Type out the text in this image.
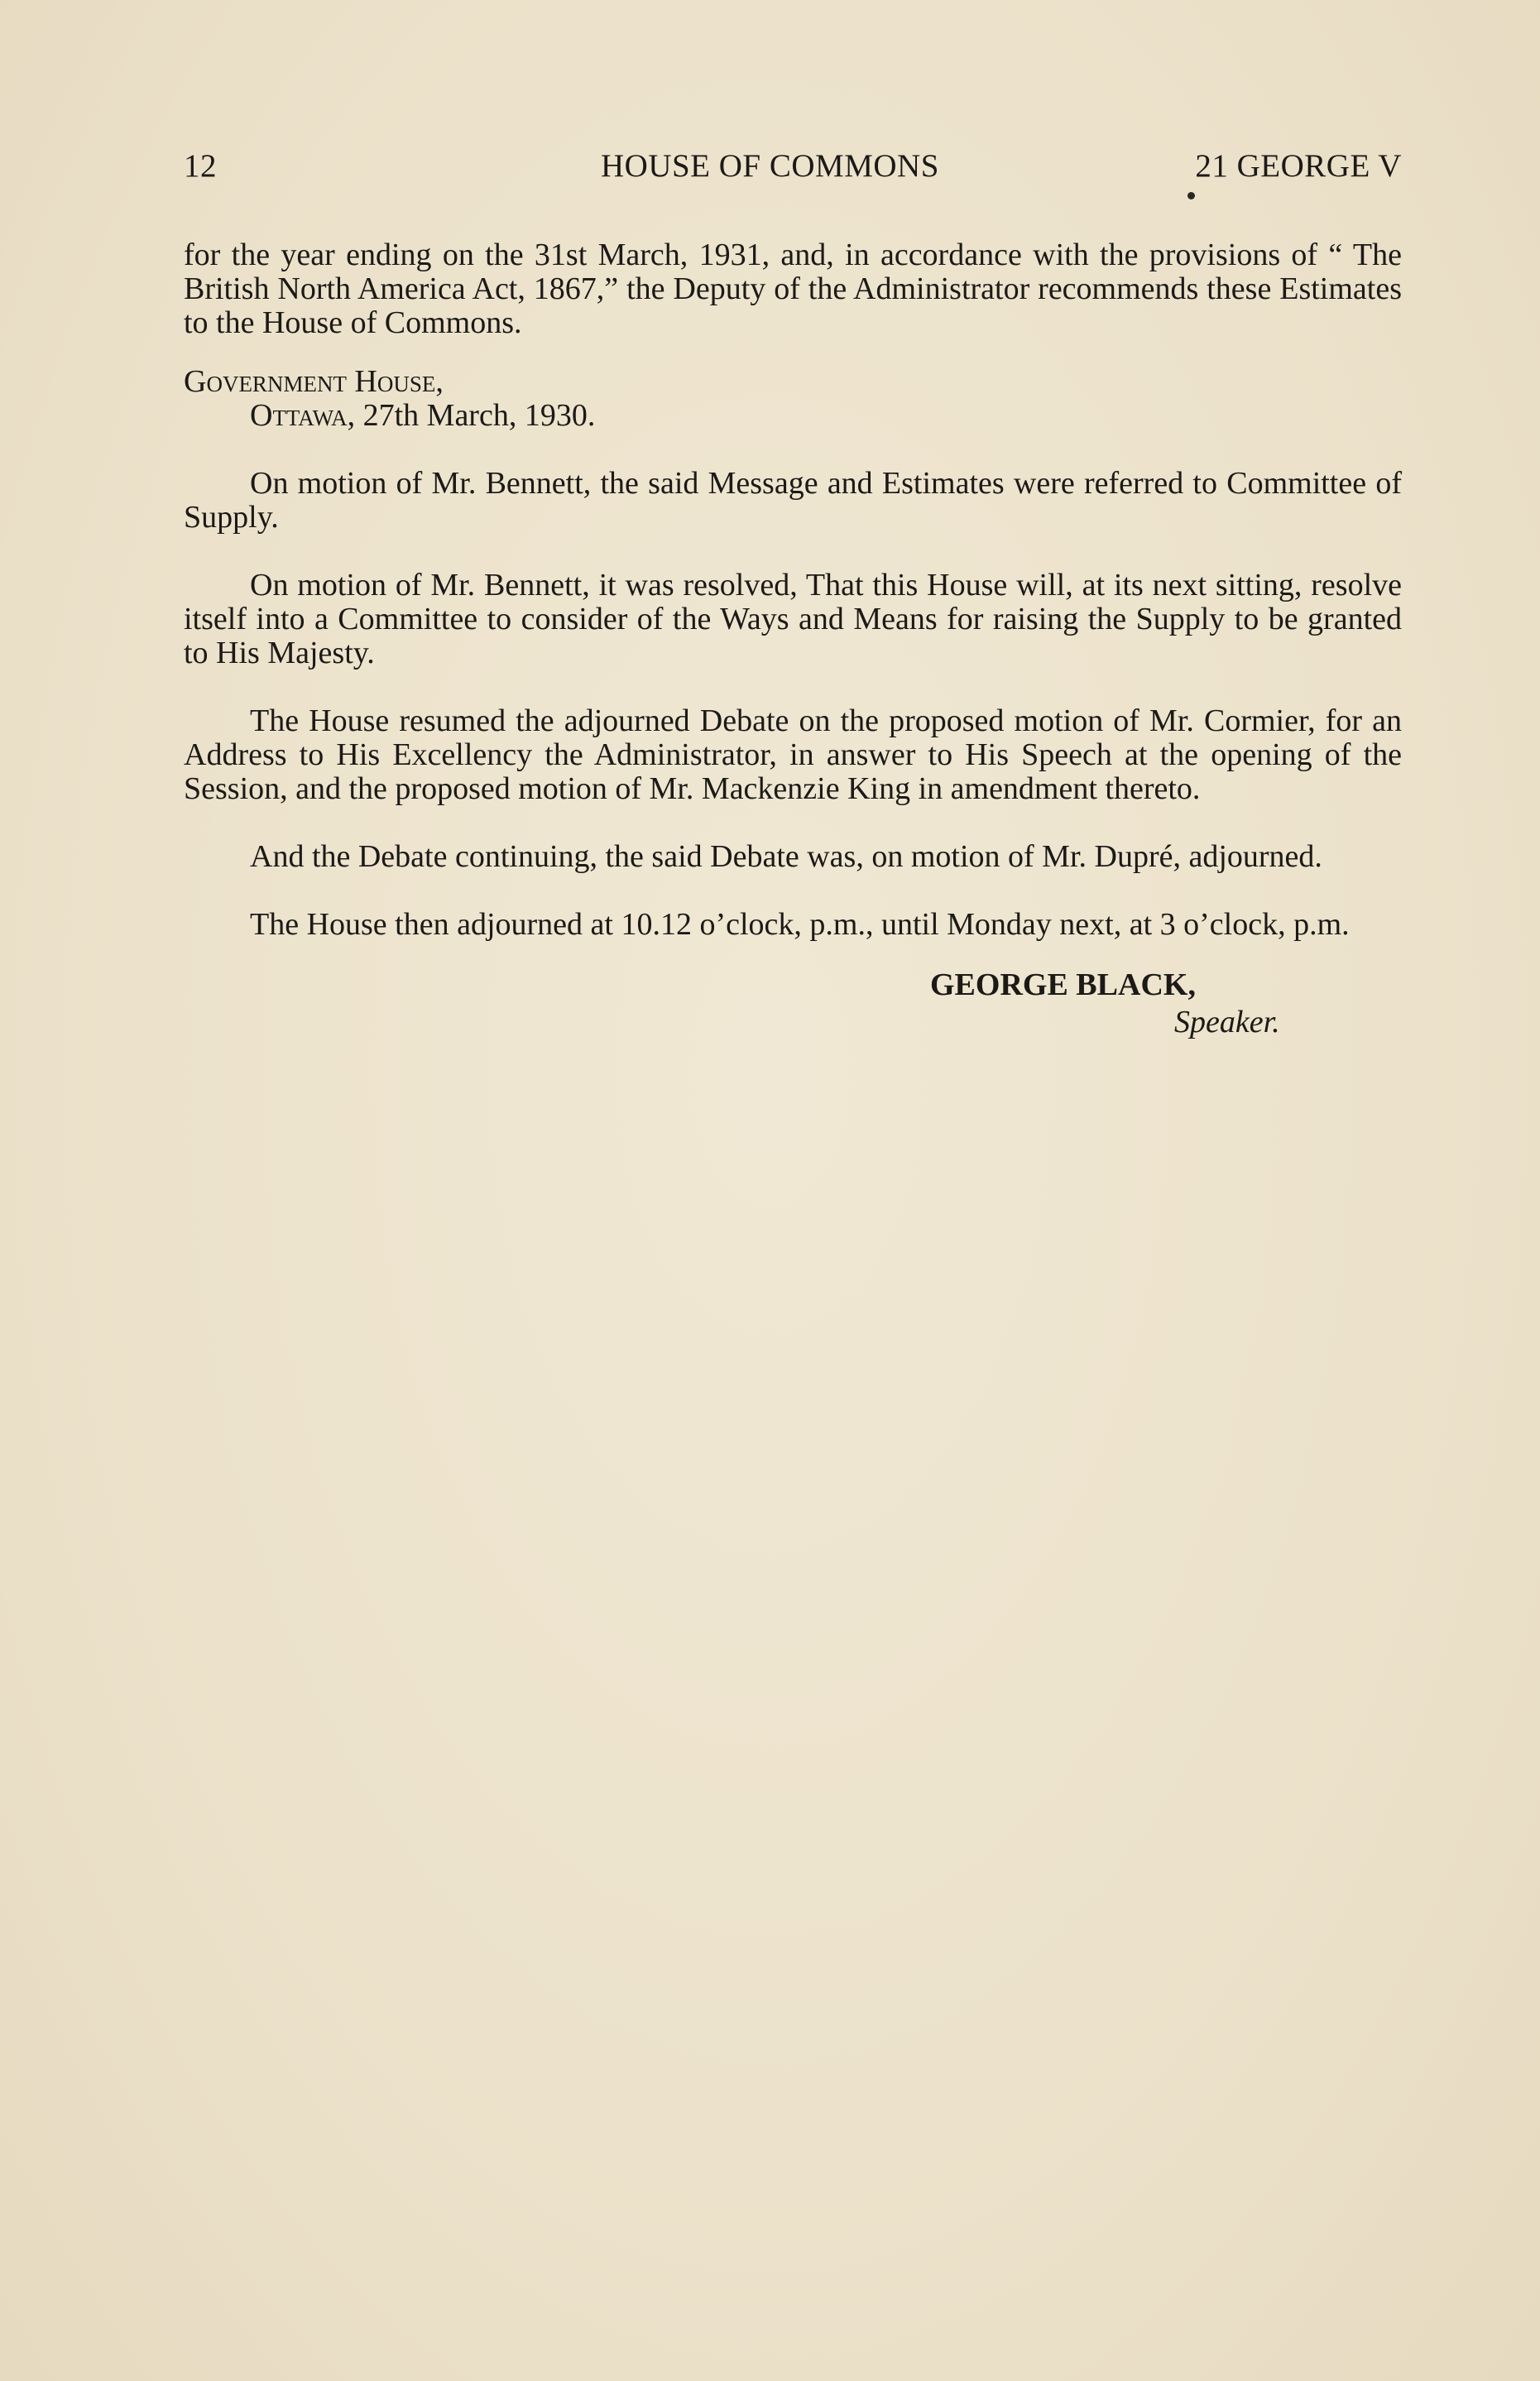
12	HOUSE OF COMMONS	21 GEORGE V

for the year ending on the 31st March, 1931, and, in accordance with the provisions of “ The British North America Act, 1867,” the Deputy of the Administrator recommends these Estimates to the House of Commons.

Government House,

Ottawa, 27th March, 1930.

On motion of Mr. Bennett, the said Message and Estimates were referred to Committee of Supply.

On motion of Mr. Bennett, it was resolved, That this House will, at its next sitting, resolve itself into a Committee to consider of the Ways and Means for raising the Supply to be granted to His Majesty.

The House resumed the adjourned Debate on the proposed motion of Mr. Cormier, for an Address to His Excellency the Administrator, in answer to His Speech at the opening of the Session, and the proposed motion of Mr. Mackenzie King in amendment thereto.

And the Debate continuing, the said Debate was, on motion of Mr. Dupré, adjourned.

The House then adjourned at 10.12 o’clock, p.m., until Monday next, at 3 o’clock, p.m.

GEORGE BLACK,
Speaker.
